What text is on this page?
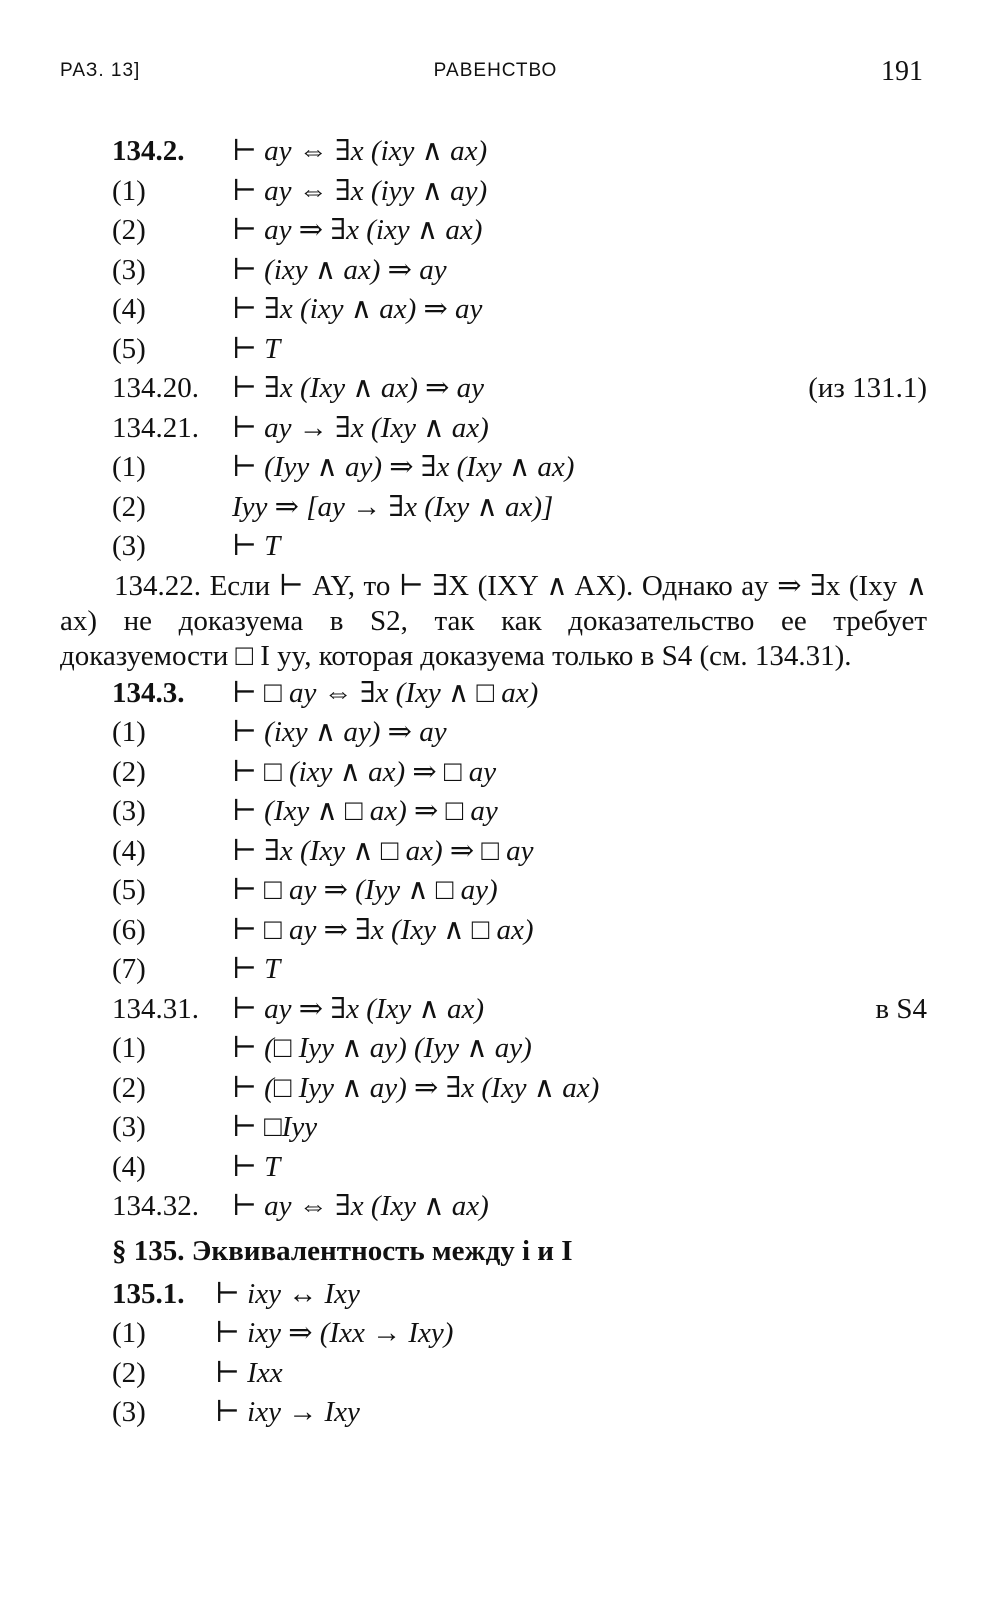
РАЗ. 13]	РАВЕНСТВО	191
134.2. ⊢ ay ⇔ ∃x (ixy ∧ ax)
(1)	⊢ ay ⇔ ∃x (iyy ∧ ay)
(2)	⊢ ay ⇒ ∃x (ixy ∧ ax)
(3)	⊢ (ixy ∧ ax) ⇒ ay
(4)	⊢ ∃x (ixy ∧ ax) ⇒ ay
(5)	⊢ T
134.20. ⊢ ∃x (Ixy ∧ ax) ⇒ ay	(из 131.1)
134.21. ⊢ ay → ∃x (Ixy ∧ ax)
(1)	⊢ (Iyy ∧ ay) ⇒ ∃x (Ixy ∧ ax)
(2)	Iyy ⇒ [ay → ∃x (Ixy ∧ ax)]
(3)	⊢ T

134.22. Если ⊢ AY, то ⊢ ∃X (IXY ∧ AX). Однако ay ⇒ ∃x (Ixy ∧ ax) не доказуема в S2, так как доказательство ее требует доказуемости □ I yy, которая доказуема только в S4 (см. 134.31).

134.3. ⊢ □ ay ⇔ ∃x (Ixy ∧ □ ax)
(1)	⊢ (ixy ∧ ay) ⇒ ay
(2)	⊢ □ (ixy ∧ ax) ⇒ □ ay
(3)	⊢ (Ixy ∧ □ ax) ⇒ □ ay
(4)	⊢ ∃x (Ixy ∧ □ ax) ⇒ □ ay
(5)	⊢ □ ay ⇒ (Iyy ∧ □ ay)
(6)	⊢ □ ay ⇒ ∃x (Ixy ∧ □ ax)
(7)	⊢ T
134.31. ⊢ ay ⇒ ∃x (Ixy ∧ ax)	в S4
(1)	⊢ (□ Iyy ∧ ay) (Iyy ∧ ay)
(2)	⊢ (□ Iyy ∧ ay) ⇒ ∃x (Ixy ∧ ax)
(3)	⊢ □Iyy
(4)	⊢ T
134.32. ⊢ ay ⇔ ∃x (Ixy ∧ ax)
§ 135. Эквивалентность между i и I
135.1. ⊢ ixy ↔ Ixy
(1) ⊢ ixy ⇒ (Ixx → Ixy)
(2) ⊢ Ixx
(3) ⊢ ixy → Ixy
